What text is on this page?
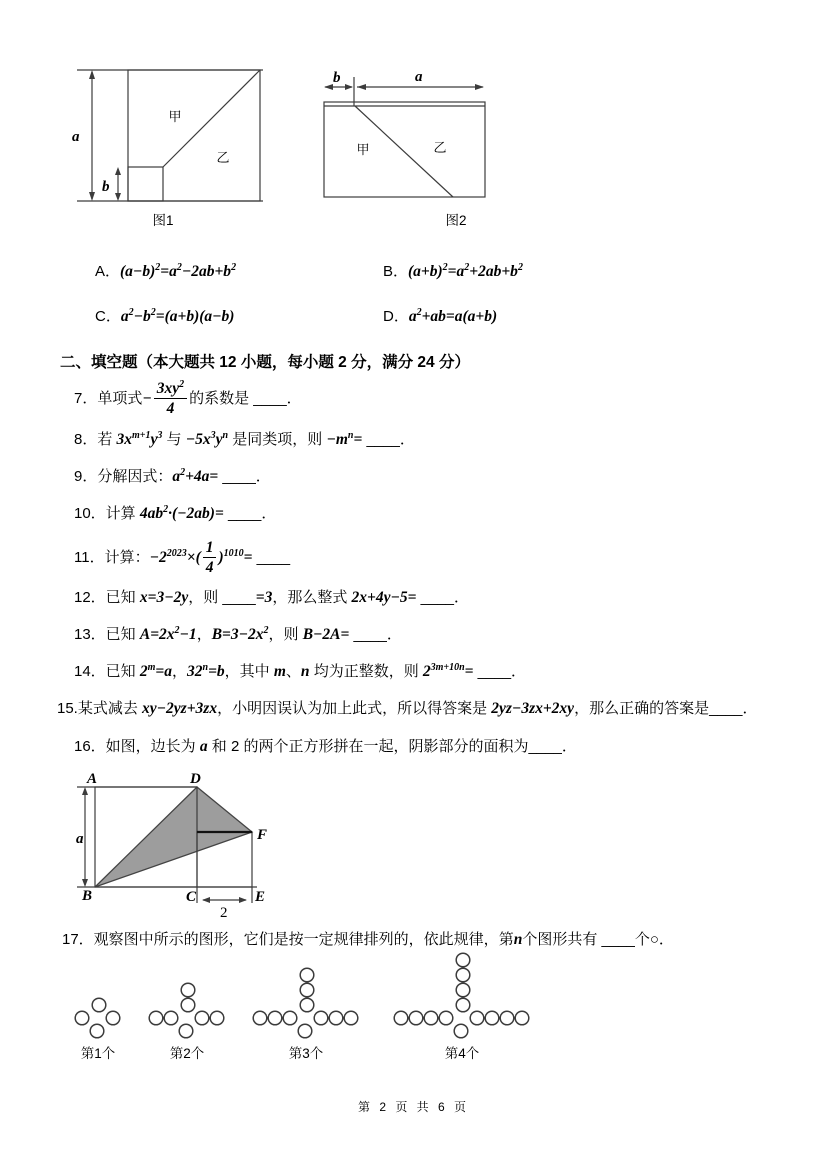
a
b
甲
乙
图1
b	a
甲	乙
图2
A．$(a-b)^2=a^2-2ab+b^2$	B．$(a+b)^2=a^2+2ab+b^2$
C．$a^2-b^2=(a+b)(a-b)$	D．$a^2+ab=a(a+b)$
二、填空题（本大题共 12 小题，每小题 2 分，满分 24 分）
7．单项式− $\frac{3xy^2}{4}$ 的系数是 ____．
8．若 $3x^{m+1}y^3$ 与 $-5x^3y^n$ 是同类项，则 $-m^n=$ ____．
9．分解因式：$a^2+4a=$ ____．
10．计算 $4ab^2\cdot(-2ab)=$ ____．
11．计算：$-2^{2023}\times( \frac{1}{4} )^{1010}=$ ____
12．已知 x=3−2y，则 ____=3，那么整式 2x+4y−5= ____．
13．已知 $A=2x^2-1$，$B=3-2x^2$，则 B−2A= ____．
14．已知 $2^m=a$，$32^n=b$，其中 m、n 均为正整数，则 $2^{3m+10n}=$ ____．
15.某式减去 xy−2yz+3zx，小明因误认为加上此式，所以得答案是 2yz−3zx+2xy，那么正确的答案是____．
16．如图，边长为 a 和 2 的两个正方形拼在一起，阴影部分的面积为____．
A
B	C
D
E
F
a
2
17．观察图中所示的图形，它们是按一定规律排列的，依此规律，第n个图形共有 ____个○．
第1个	第2个	第3个	第4个
第 2 页 共 6 页
